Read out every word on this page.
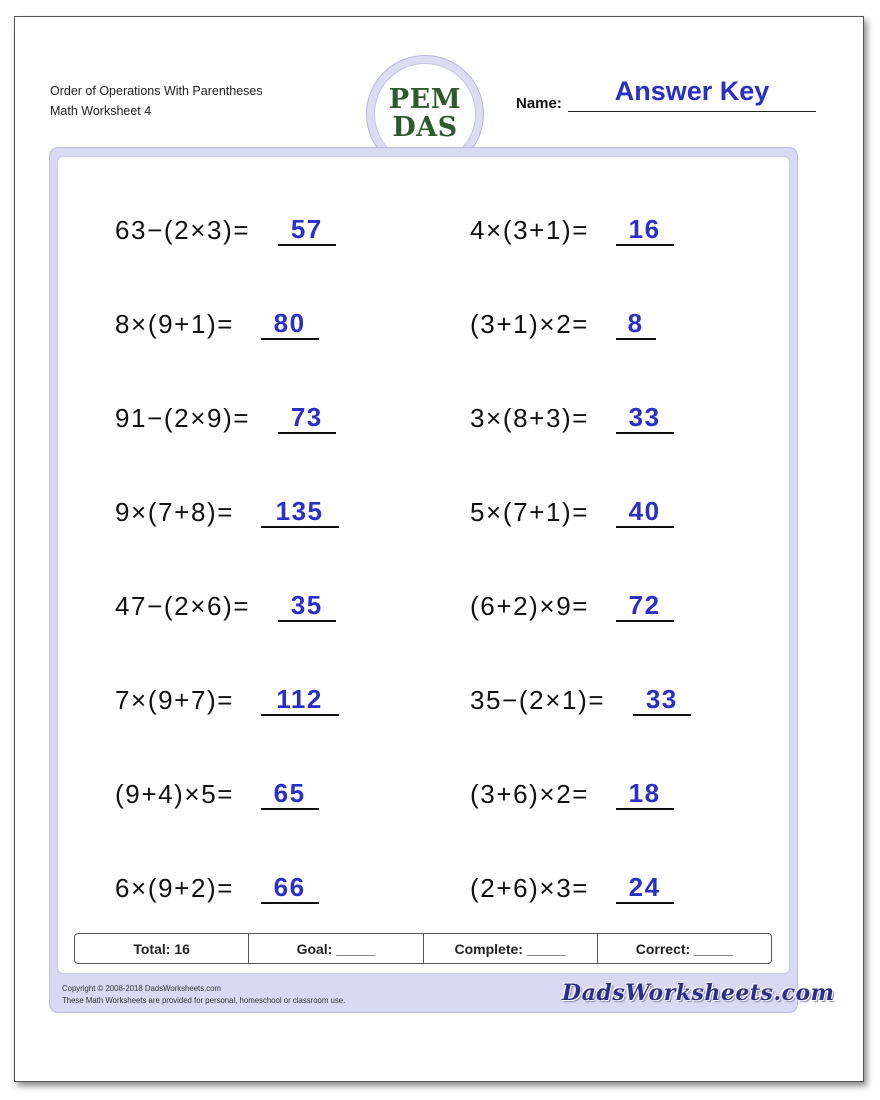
Order of Operations With Parentheses
Math Worksheet 4	PEM
DAS
Name:	Answer Key
63−(2×3)=	57	4×(3+1)=	16
8×(9+1)=	80	(3+1)×2=	8
91−(2×9)=	73	3×(8+3)=	33
9×(7+8)=	135	5×(7+1)=	40
47−(2×6)=	35	(6+2)×9=	72
7×(9+7)=	112	35−(2×1)=	33
(9+4)×5=	65	(3+6)×2=	18
6×(9+2)=	66	(2+6)×3=	24
Total: 16	Goal: _____	Complete: _____	Correct: _____
Copyright © 2008-2018 DadsWorksheets.com
These Math Worksheets are provided for personal, homeschool or classroom use.	DadsWorksheets.com
